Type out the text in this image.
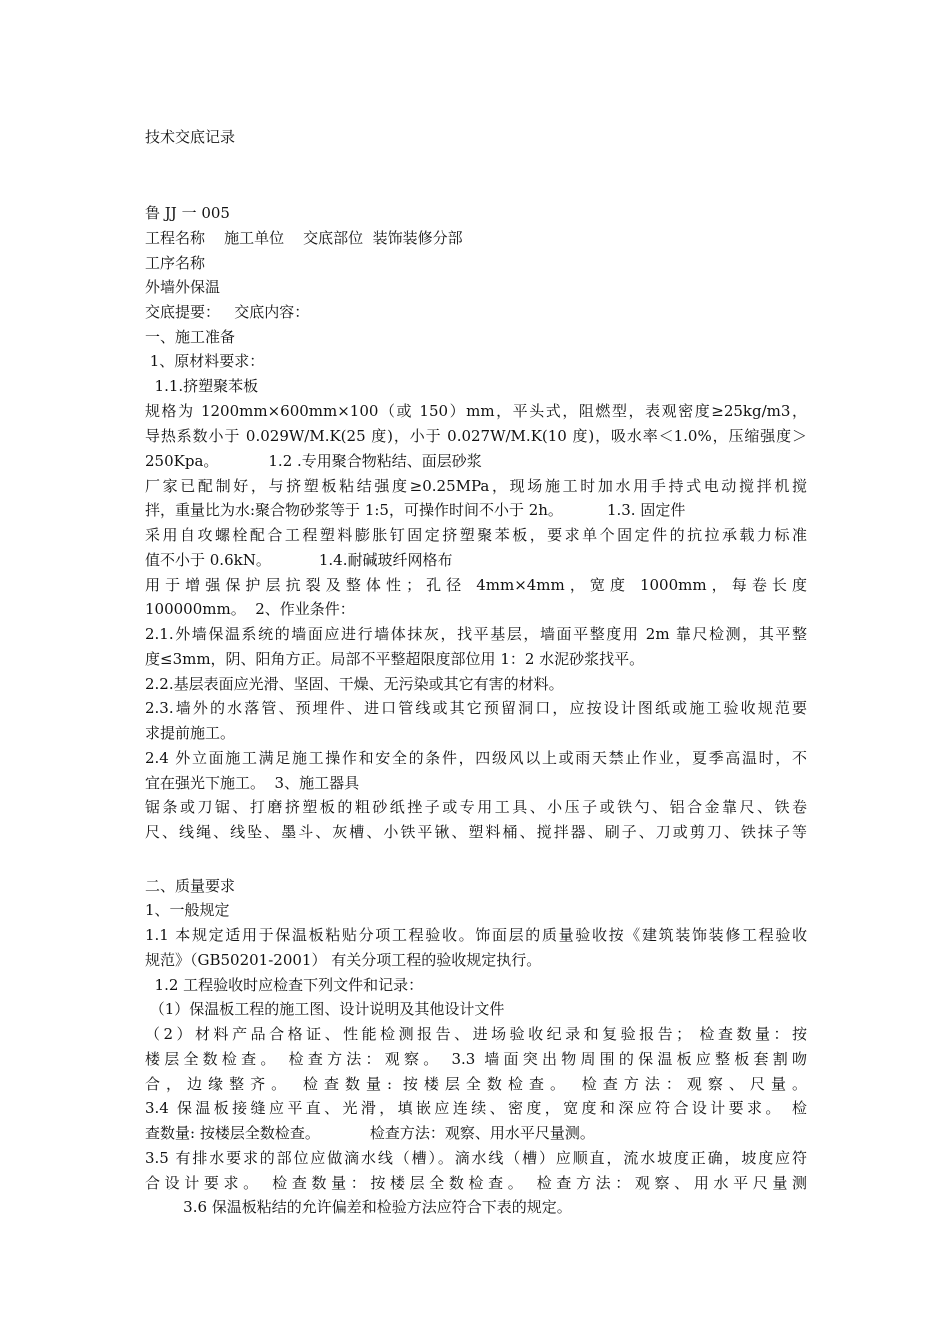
技术交底记录
鲁 JJ 一 005
工程名称    施工单位    交底部位  装饰装修分部
工序名称
外墙外保温
交底提要：   交底内容：
一、施工准备
1、原材料要求：
1.1.挤塑聚苯板
规格为 1200mm×600mm×100（或 150）mm，平头式，阻燃型，表观密度≥25kg/m3，
导热系数小于 0.029W/M.K(25 度)，小于 0.027W/M.K(10 度)，吸水率＜1.0%，压缩强度＞
250Kpa。	1.2 .专用聚合物粘结、面层砂浆
厂家已配制好，与挤塑板粘结强度≥0.25MPa，现场施工时加水用手持式电动搅拌机搅
拌，重量比为水:聚合物砂浆等于 1:5，可操作时间不小于 2h。	1.3. 固定件
采用自攻螺栓配合工程塑料膨胀钉固定挤塑聚苯板，要求单个固定件的抗拉承载力标准
值不小于 0.6kN。	1.4.耐碱玻纤网格布
用于增强保护层抗裂及整体性；孔径 4mm×4mm，宽度 1000mm，每卷长度
100000mm。  2、作业条件：
2.1.外墙保温系统的墙面应进行墙体抹灰，找平基层，墙面平整度用 2m 靠尺检测，其平整
度≤3mm，阴、阳角方正。局部不平整超限度部位用 1：2 水泥砂浆找平。
2.2.基层表面应光滑、坚固、干燥、无污染或其它有害的材料。
2.3.墙外的水落管、预埋件、进口管线或其它预留洞口，应按设计图纸或施工验收规范要
求提前施工。
2.4 外立面施工满足施工操作和安全的条件，四级风以上或雨天禁止作业，夏季高温时，不
宜在强光下施工。  3、施工器具
锯条或刀锯、打磨挤塑板的粗砂纸挫子或专用工具、小压子或铁勺、铝合金靠尺、铁卷
尺、线绳、线坠、墨斗、灰槽、小铁平锹、塑料桶、搅拌器、刷子、刀或剪刀、铁抹子等
二、质量要求
1、一般规定
1.1 本规定适用于保温板粘贴分项工程验收。饰面层的质量验收按《建筑装饰装修工程验收
规范》（GB50201-2001） 有关分项工程的验收规定执行。
1.2 工程验收时应检查下列文件和记录：
（1）保温板工程的施工图、设计说明及其他设计文件
（2）材料产品合格证、性能检测报告、进场验收纪录和复验报告； 检查数量：按
楼层全数检查。 检查方法：观察。 3.3 墙面突出物周围的保温板应整板套割吻
合，边缘整齐。 检查数量: 按楼层全数检查。 检查方法：观察、尺量。
3.4 保温板接缝应平直、光滑，填嵌应连续、密度，宽度和深应符合设计要求。 检
查数量: 按楼层全数检查。	检查方法：观察、用水平尺量测。
3.5 有排水要求的部位应做滴水线（槽）。滴水线（槽）应顺直，流水坡度正确，坡度应符
合设计要求。 检查数量：按楼层全数检查。 检查方法：观察、用水平尺量测
3.6 保温板粘结的允许偏差和检验方法应符合下表的规定。
